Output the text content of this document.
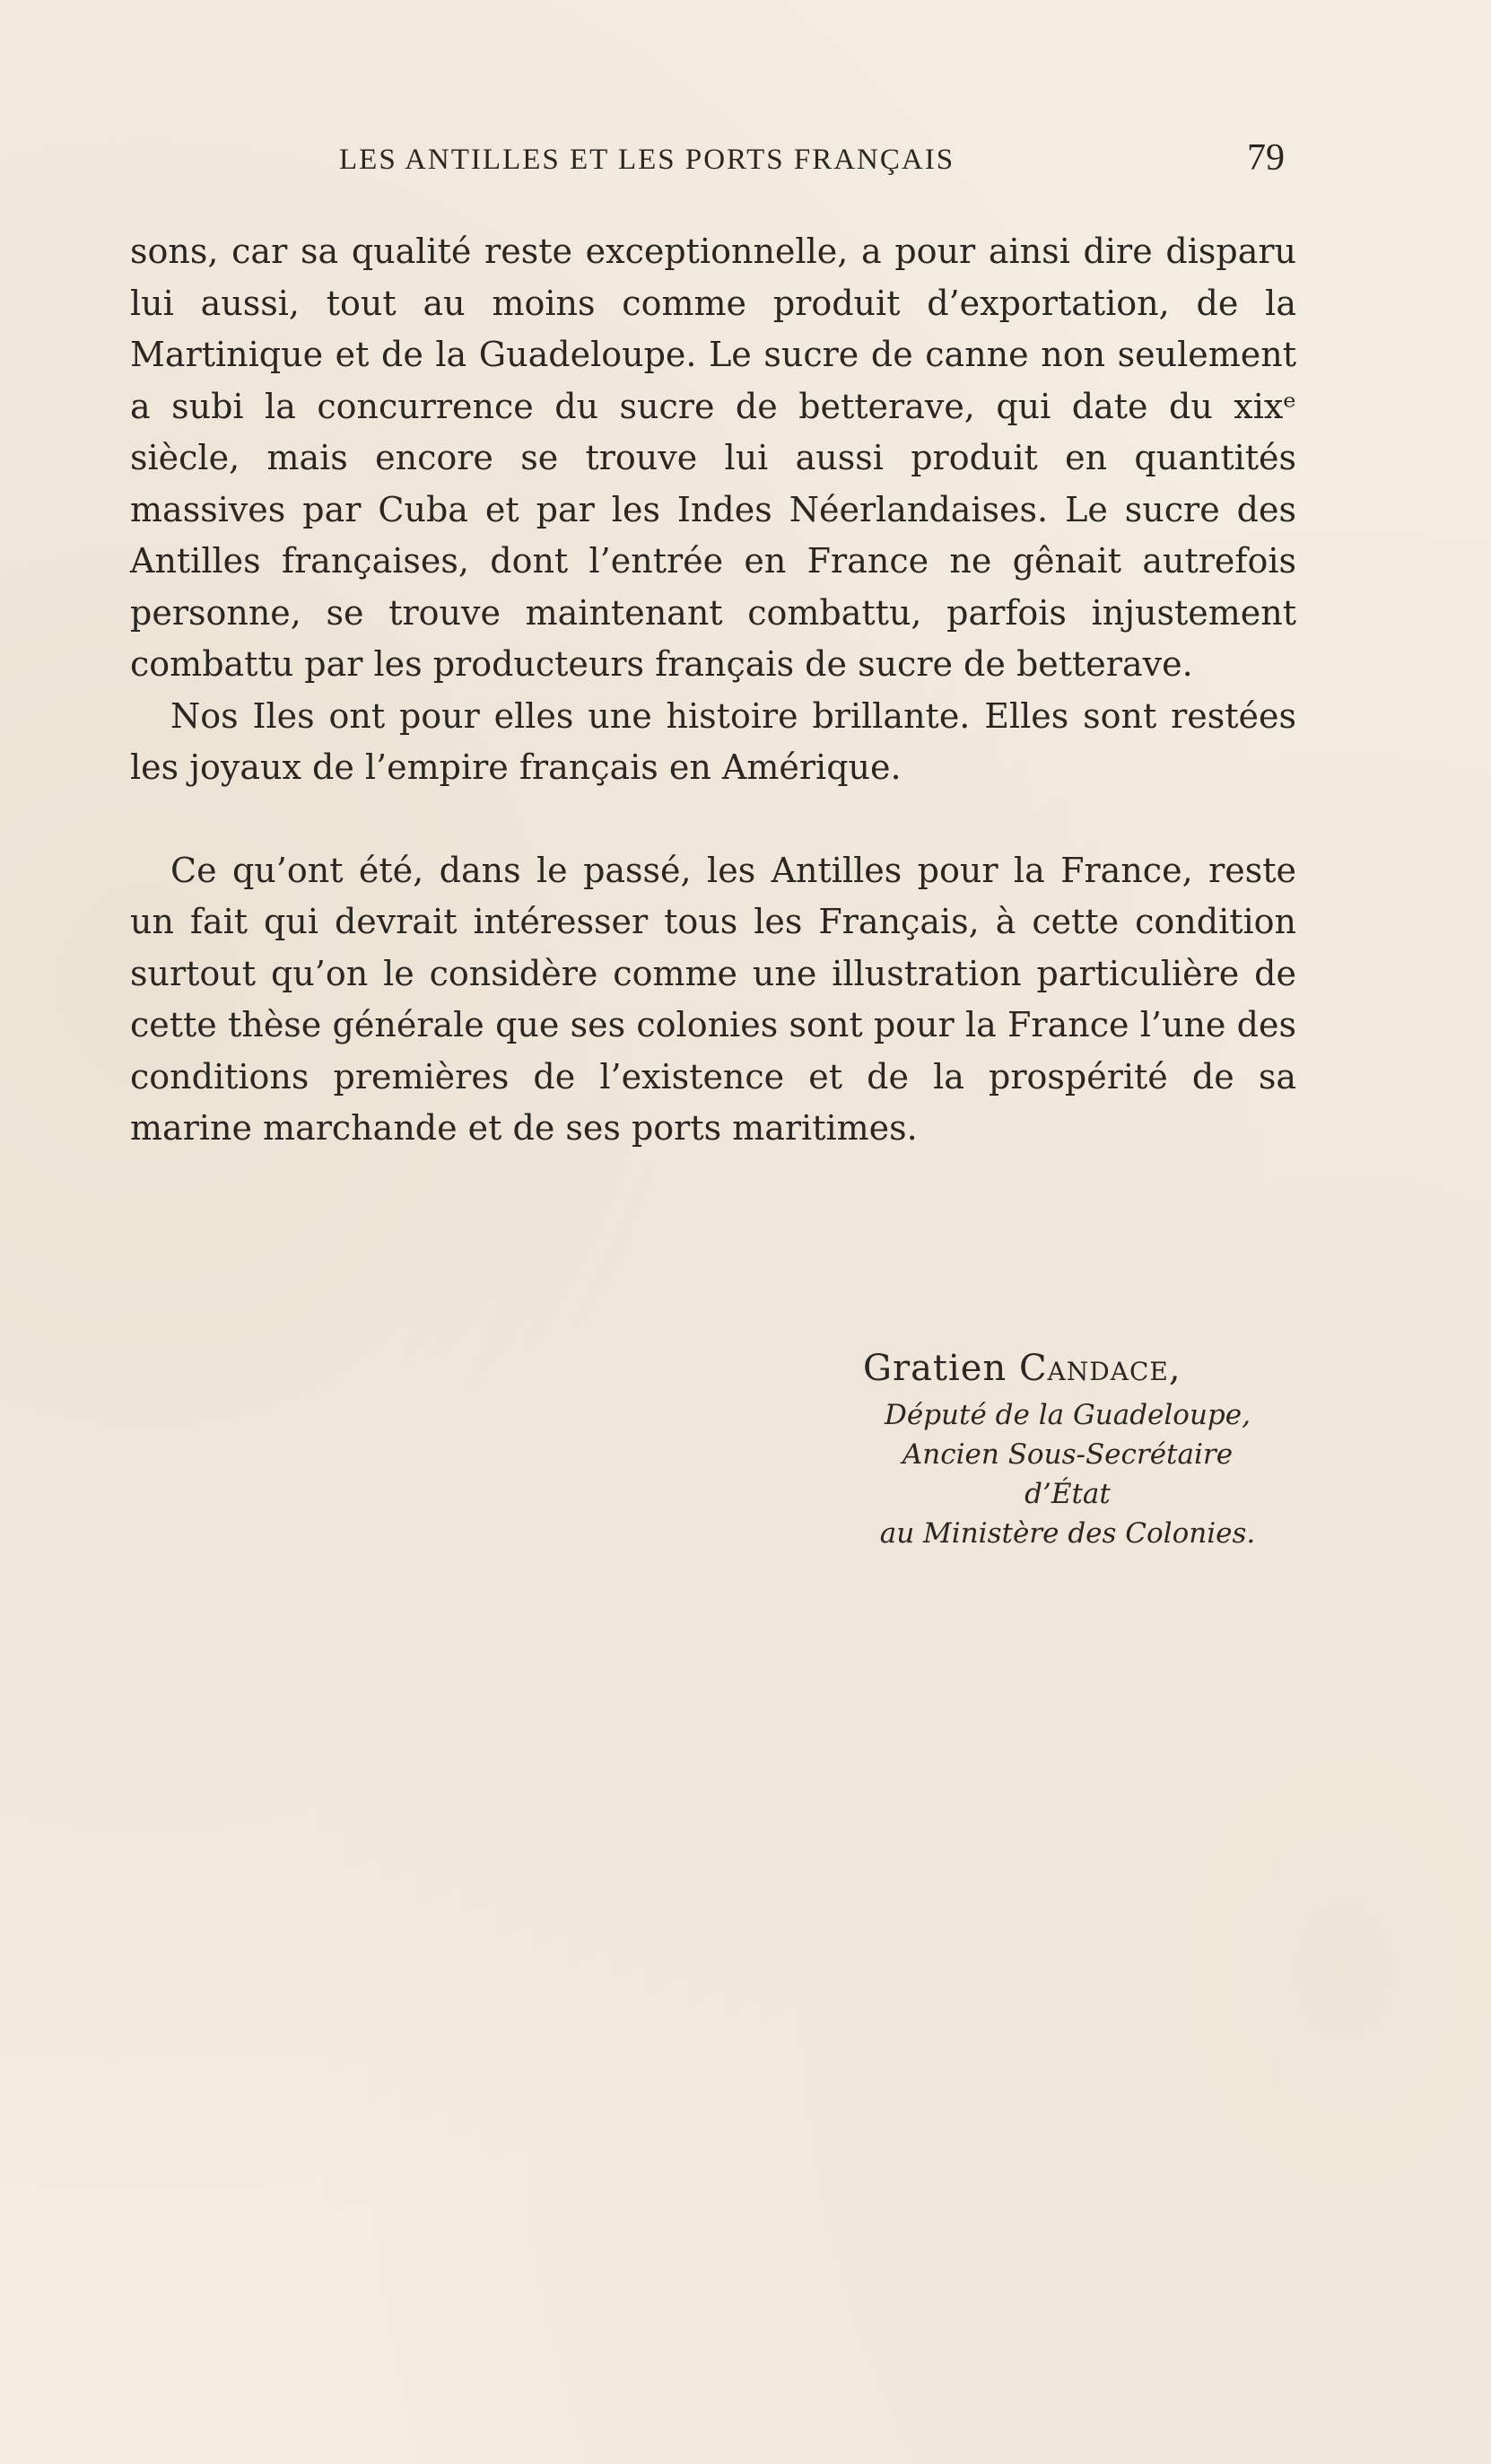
LES ANTILLES ET LES PORTS FRANÇAIS	79

sons, car sa qualité reste exceptionnelle, a pour ainsi dire disparu lui aussi, tout au moins comme produit d’exportation, de la Martinique et de la Guadeloupe. Le sucre de canne non seulement a subi la concurrence du sucre de betterave, qui date du xixᵉ siècle, mais encore se trouve lui aussi produit en quantités massives par Cuba et par les Indes Néerlandaises. Le sucre des Antilles françaises, dont l’entrée en France ne gênait autrefois personne, se trouve maintenant combattu, parfois injustement combattu par les producteurs français de sucre de betterave.

Nos Iles ont pour elles une histoire brillante. Elles sont restées les joyaux de l’empire français en Amérique.

Ce qu’ont été, dans le passé, les Antilles pour la France, reste un fait qui devrait intéresser tous les Français, à cette condition surtout qu’on le considère comme une illustration particulière de cette thèse générale que ses colonies sont pour la France l’une des conditions premières de l’existence et de la prospérité de sa marine marchande et de ses ports maritimes.

Gratien Candace,
Député de la Guadeloupe,
Ancien Sous-Secrétaire d’État
au Ministère des Colonies.
